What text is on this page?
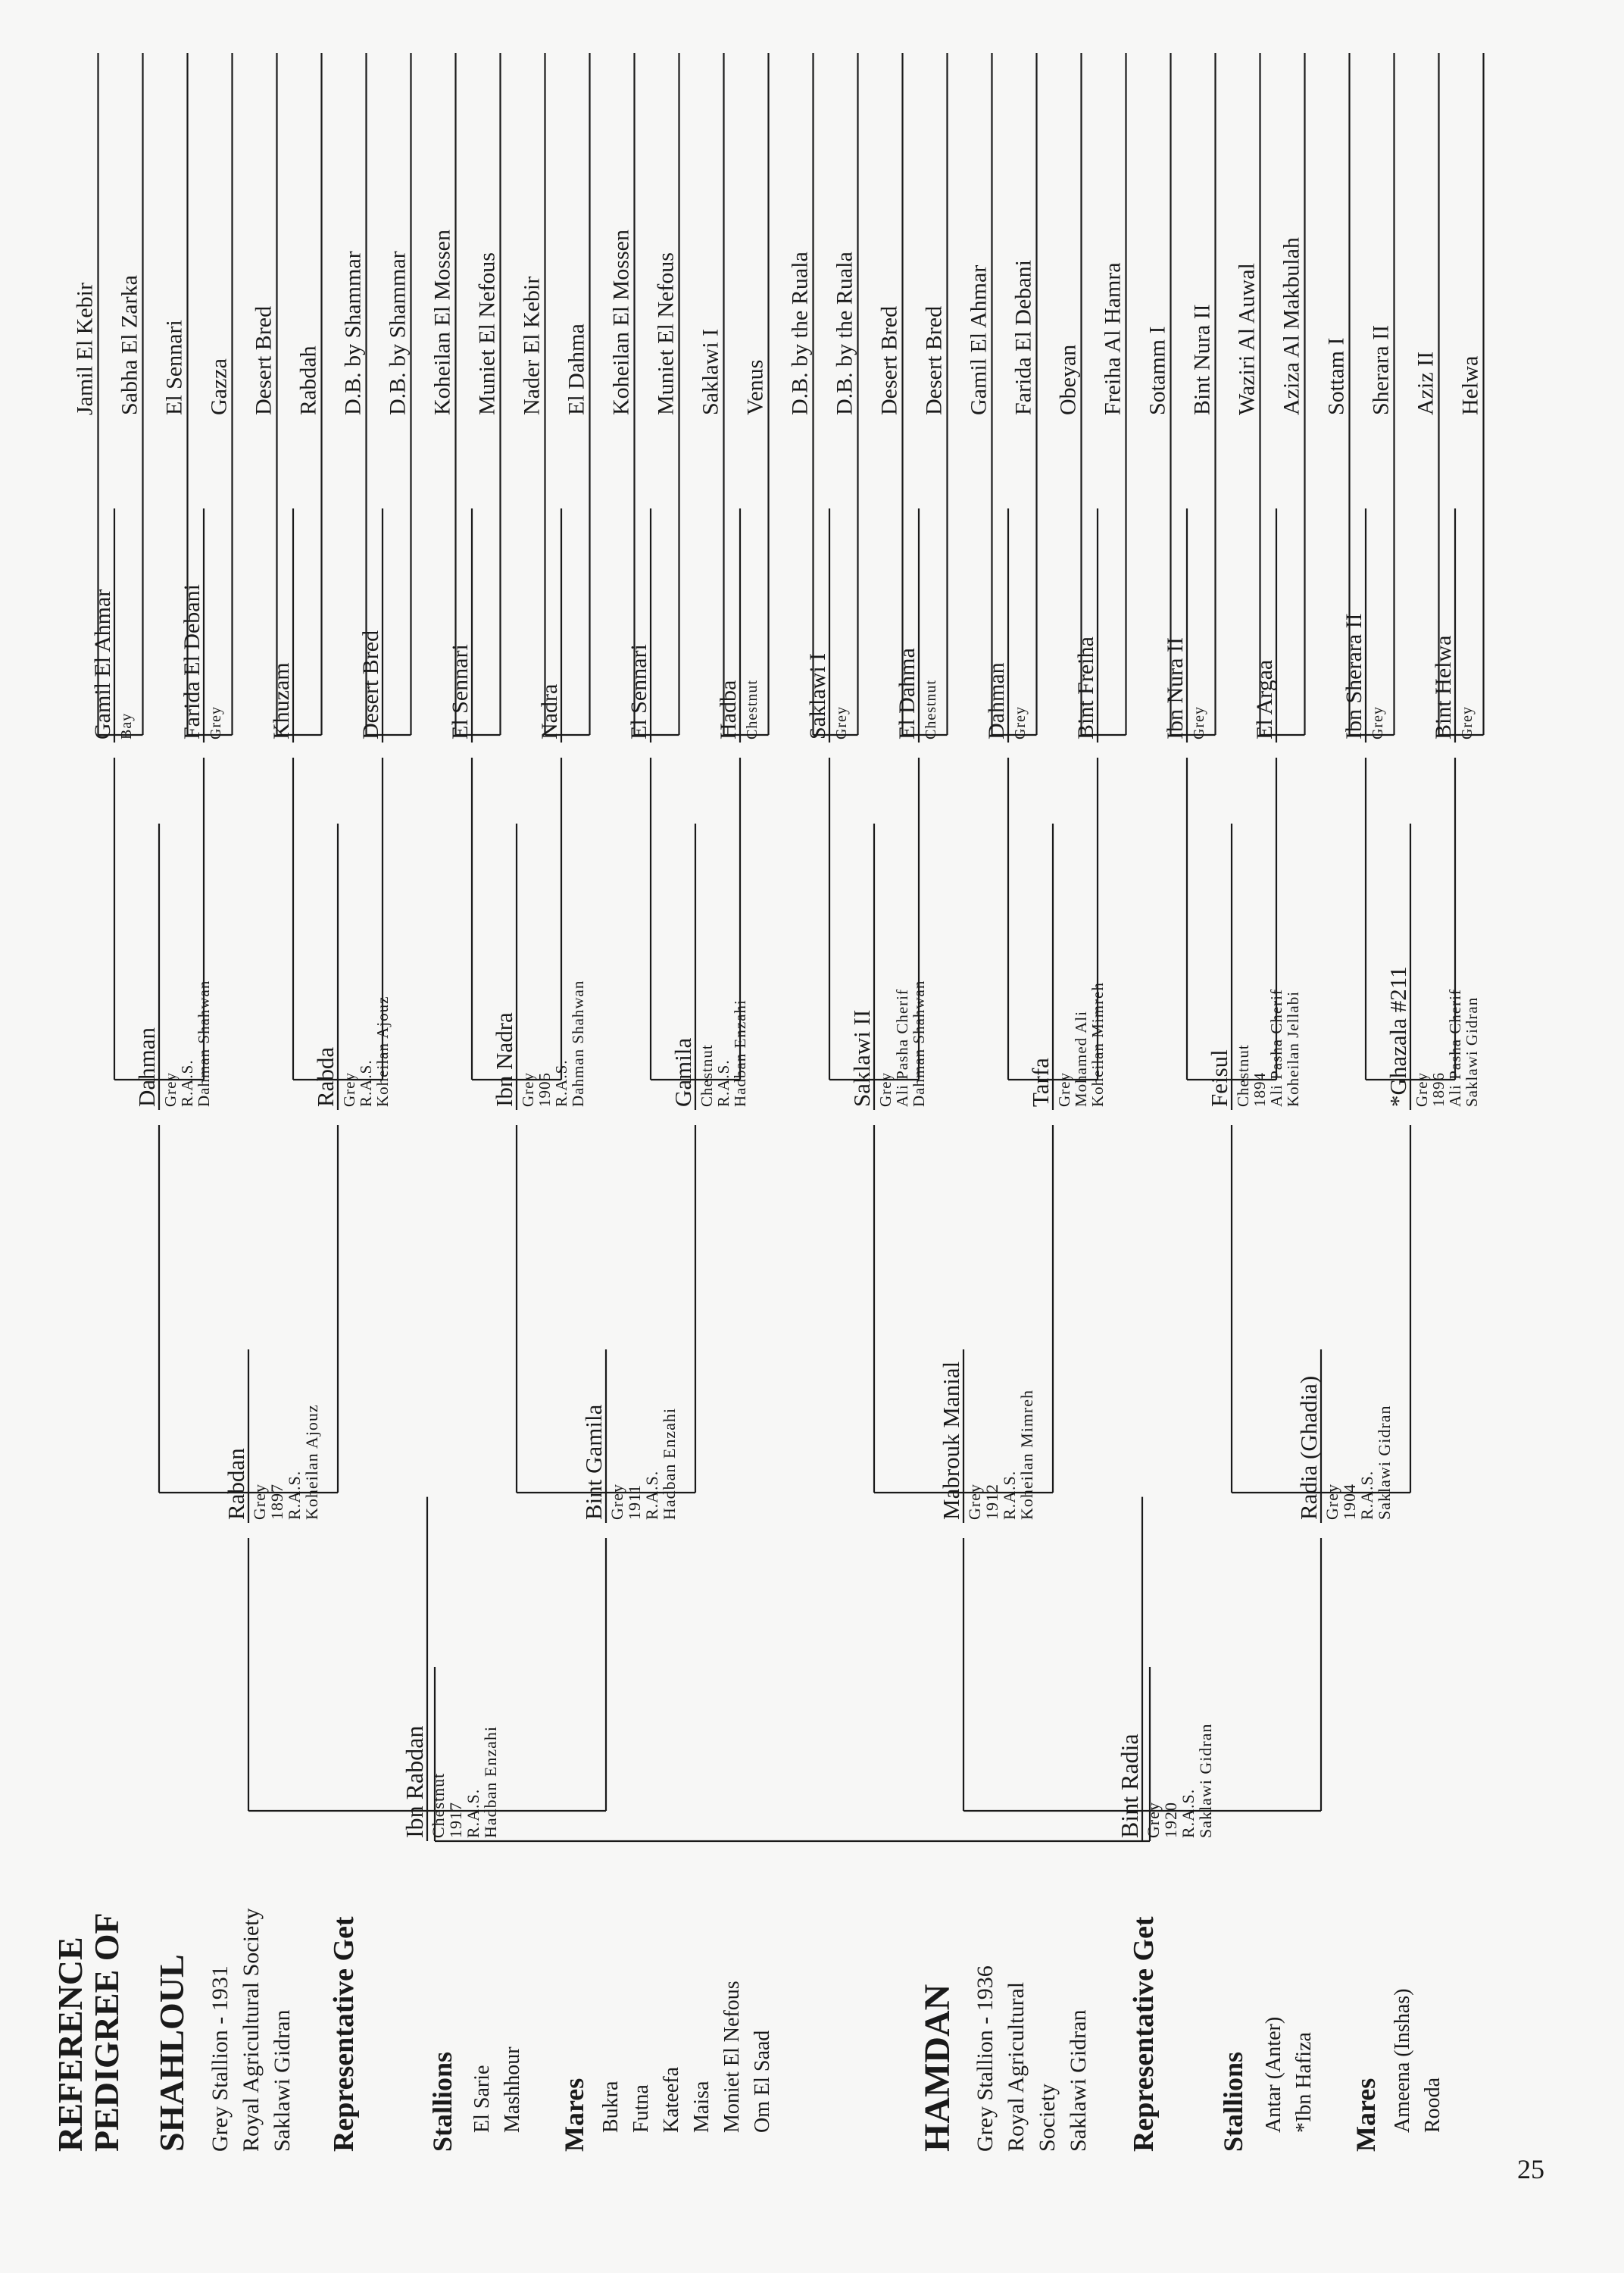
REFERENCE
PEDIGREE OF SHAHLOUL Grey Stallion - 1931 Royal Agricultural Society Saklawi Gidran Representative Get Stallions El Sarie Mashhour Mares Bukra Futna Kateefa Maisa Moniet El Nefous Om El Saad	HAMDAN Grey Stallion - 1936 Royal Agricultural Society Saklawi Gidran Representative Get Stallions Antar (Anter) *Ibn Hafiza Mares Ameena (Inshas) Rooda
25
Ibn Rabdan Chestnut
1917
R.A.S.
Hadban Enzahi	Bint Radia Grey
1920
R.A.S.
Saklawi Gidran
Rabdan Grey
1897
R.A.S.
Koheilan Ajouz	Bint Gamila Grey
1911
R.A.S.
Hadban Enzahi	Mabrouk Manial Grey
1912
R.A.S.
Koheilan Mimreh	Radia (Ghadia) Grey
1904
R.A.S.
Saklawi Gidran
Dahman Grey
R.A.S.
Dahman Shahwan	Rabda Grey
R.A.S.
Koheilan Ajouz	Ibn Nadra Grey
1905
R.A.S.
Dahman Shahwan	Gamila Chestnut
R.A.S.
Hadban Enzahi	Saklawi II Grey
Ali Pasha Cherif
Dahman Shahwan	Tarfa Grey
Mohamed Ali
Koheilan Mimreh	Feisul Chestnut
1894
Ali Pasha Cherif
Koheilan Jellabi	*Ghazala #211 Grey
1896
Ali Pasha Cherif
Saklawi Gidran
Gamil El Ahmar Bay Farida El Debani Grey Khuzam	Desert Bred	El Sennari	Nadra	El Sennari	Hadba Chestnut Saklawi I Grey El Dahma Chestnut Dahman Grey Bint Freiha	Ibn Nura II Grey El Argaa	Ibn Sherara II Grey Bint Helwa Grey
Jamil El Kebir Sabha El Zarka El Sennari Gazza Desert Bred Rabdah D.B. by Shammar D.B. by Shammar Koheilan El Mossen Muniet El Nefous Nader El Kebir El Dahma Koheilan El Mossen Muniet El Nefous Saklawi I Venus D.B. by the Ruala D.B. by the Ruala Desert Bred Desert Bred Gamil El Ahmar Farida El Debani Obeyan Freiha Al Hamra Sotamm I Bint Nura II Waziri Al Auwal Aziza Al Makbulah Sottam I Sherara II Aziz II Helwa
